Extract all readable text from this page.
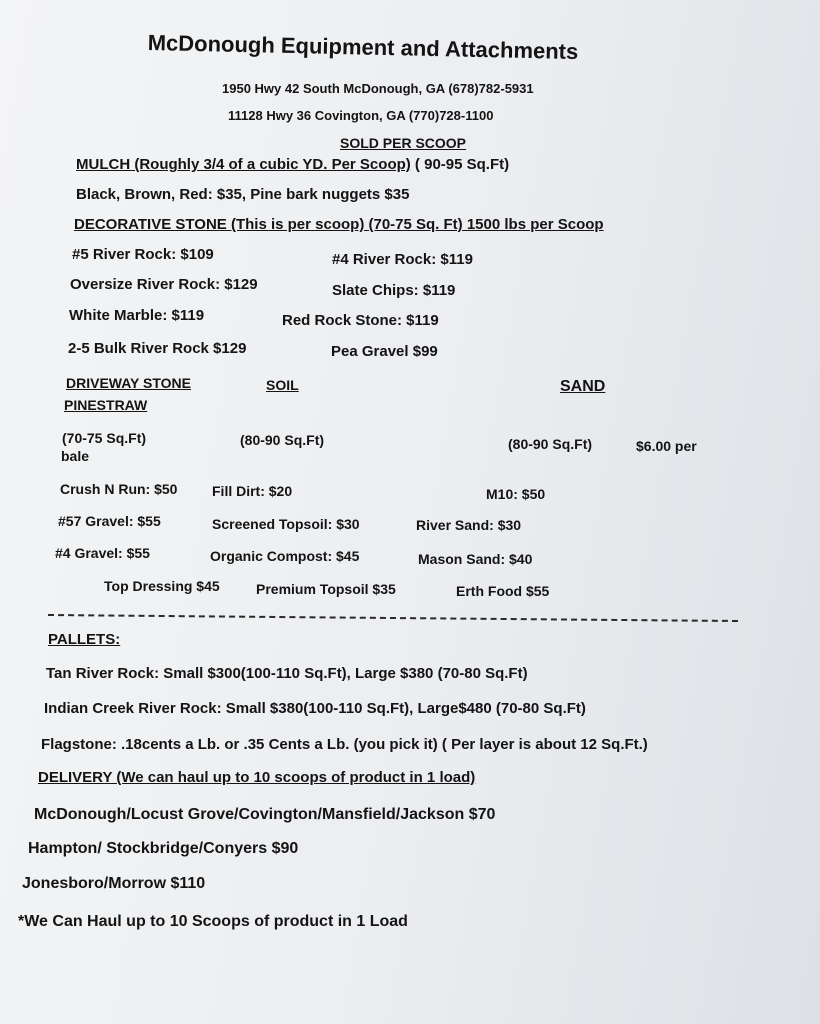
McDonough Equipment and Attachments
1950 Hwy 42 South McDonough, GA (678)782-5931
11128 Hwy 36 Covington, GA (770)728-1100
SOLD PER SCOOP
MULCH (Roughly 3/4 of a cubic YD. Per Scoop) ( 90-95 Sq.Ft)
Black, Brown, Red: $35, Pine bark nuggets $35
DECORATIVE STONE (This is per scoop) (70-75 Sq. Ft) 1500 lbs per Scoop
#5 River Rock: $109	#4 River Rock: $119
Oversize River Rock: $129	Slate Chips: $119
White Marble: $119	Red Rock Stone: $119
2-5 Bulk River Rock $129	Pea Gravel $99
DRIVEWAY STONE	SOIL	SAND
PINESTRAW
(70-75 Sq.Ft)	(80-90 Sq.Ft)	(80-90 Sq.Ft)	$6.00 per
bale
Crush N Run: $50 Fill Dirt: $20	M10: $50
#57 Gravel: $55	Screened Topsoil: $30	River Sand: $30
#4 Gravel: $55	Organic Compost: $45	Mason Sand: $40
Top Dressing $45	Premium Topsoil $35	Erth Food $55
PALLETS:
Tan River Rock: Small $300(100-110 Sq.Ft), Large $380 (70-80 Sq.Ft)
Indian Creek River Rock: Small $380(100-110 Sq.Ft), Large$480 (70-80 Sq.Ft)
Flagstone: .18cents a Lb. or .35 Cents a Lb. (you pick it) ( Per layer is about 12 Sq.Ft.)
DELIVERY (We can haul up to 10 scoops of product in 1 load)
McDonough/Locust Grove/Covington/Mansfield/Jackson $70
Hampton/ Stockbridge/Conyers $90
Jonesboro/Morrow $110
*We Can Haul up to 10 Scoops of product in 1 Load
